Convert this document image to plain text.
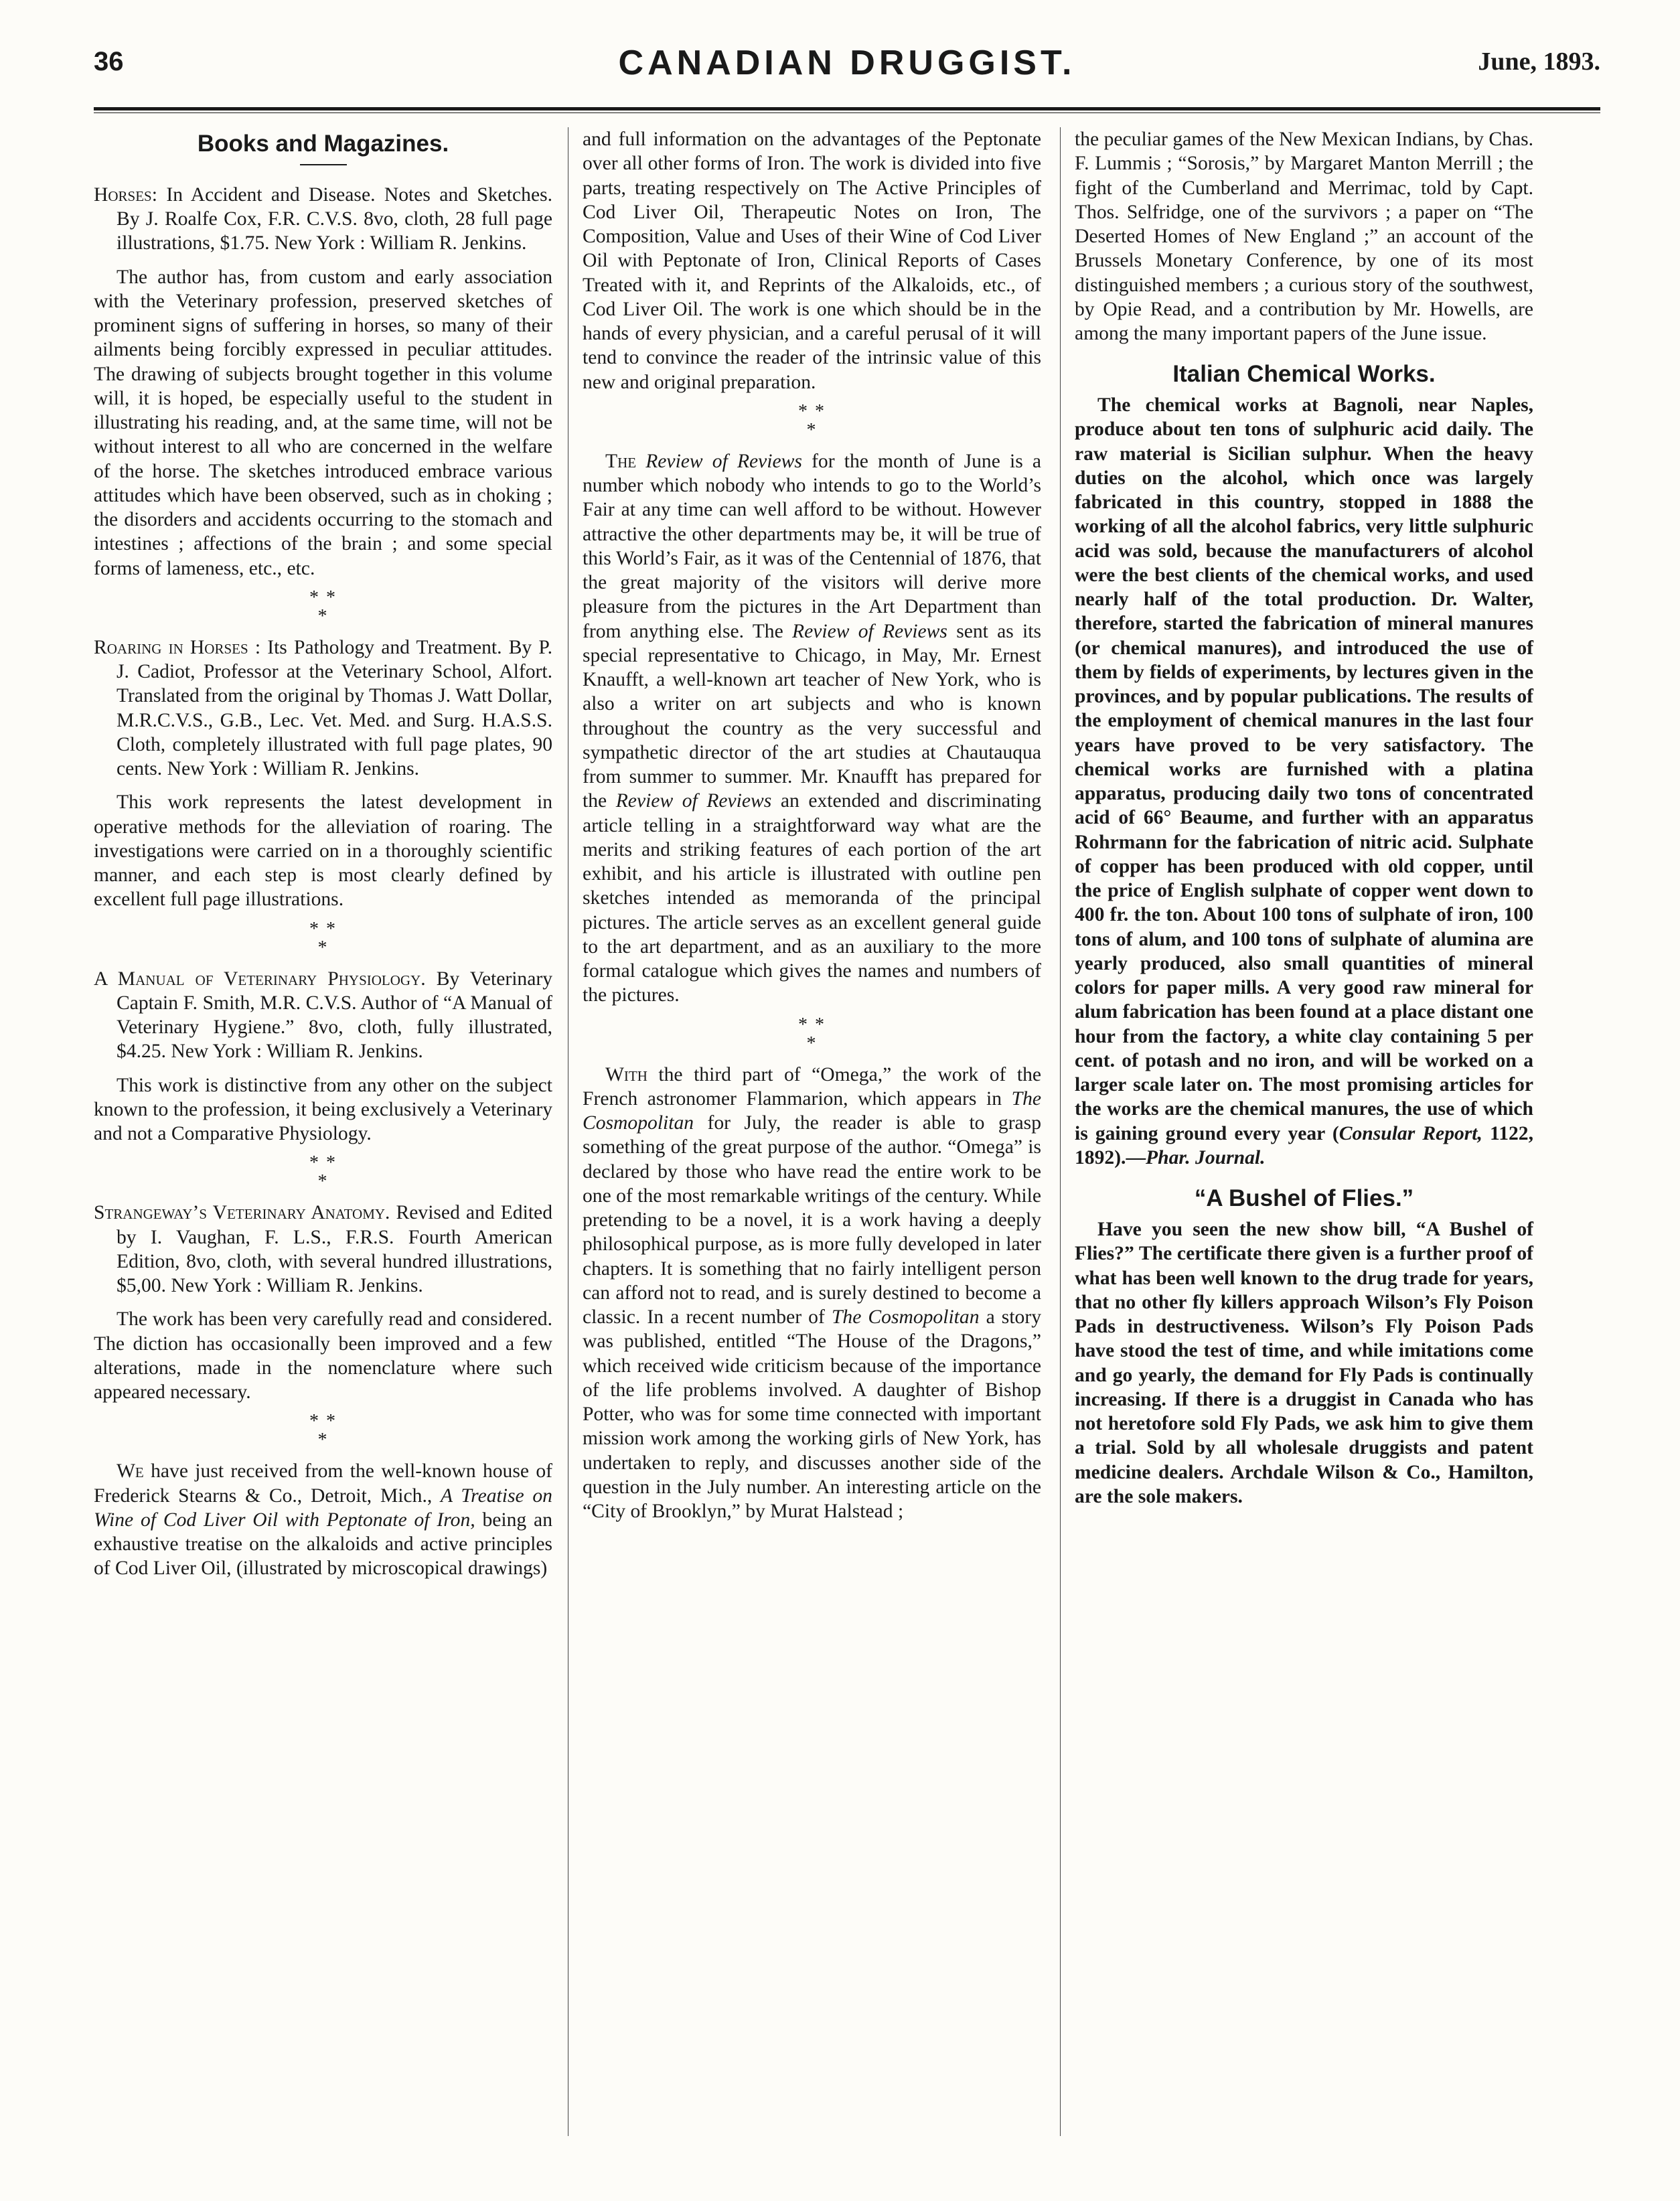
36	CANADIAN DRUGGIST.	June, 1893.
Books and Magazines.
Horses: In Accident and Disease. Notes and Sketches. By J. Roalfe Cox, F.R. C.V.S. 8vo, cloth, 28 full page illustrations, $1.75. New York : William R. Jenkins.

The author has, from custom and early association with the Veterinary profession, preserved sketches of prominent signs of suffering in horses, so many of their ailments being forcibly expressed in peculiar attitudes. The drawing of subjects brought together in this volume will, it is hoped, be especially useful to the student in illustrating his reading, and, at the same time, will not be without interest to all who are concerned in the welfare of the horse. The sketches introduced embrace various attitudes which have been observed, such as in choking ; the disorders and accidents occurring to the stomach and intestines ; affections of the brain ; and some special forms of lameness, etc., etc.

* *
*
Roaring in Horses : Its Pathology and Treatment. By P. J. Cadiot, Professor at the Veterinary School, Alfort. Translated from the original by Thomas J. Watt Dollar, M.R.C.V.S., G.B., Lec. Vet. Med. and Surg. H.A.S.S. Cloth, completely illustrated with full page plates, 90 cents. New York : William R. Jenkins.

This work represents the latest development in operative methods for the alleviation of roaring. The investigations were carried on in a thoroughly scientific manner, and each step is most clearly defined by excellent full page illustrations.

* *
*
A Manual of Veterinary Physiology. By Veterinary Captain F. Smith, M.R. C.V.S. Author of “A Manual of Veterinary Hygiene.” 8vo, cloth, fully illustrated, $4.25. New York : William R. Jenkins.

This work is distinctive from any other on the subject known to the profession, it being exclusively a Veterinary and not a Comparative Physiology.

* *
*
Strangeway’s Veterinary Anatomy. Revised and Edited by I. Vaughan, F. L.S., F.R.S. Fourth American Edition, 8vo, cloth, with several hundred illustrations, $5,00. New York : William R. Jenkins.

The work has been very carefully read and considered. The diction has occasionally been improved and a few alterations, made in the nomenclature where such appeared necessary.

* *
*

We have just received from the well-known house of Frederick Stearns & Co., Detroit, Mich., A Treatise on Wine of Cod Liver Oil with Peptonate of Iron, being an exhaustive treatise on the alkaloids and active principles of Cod Liver Oil, (illustrated by microscopical drawings)

and full information on the advantages of the Peptonate over all other forms of Iron. The work is divided into five parts, treating respectively on The Active Principles of Cod Liver Oil, Therapeutic Notes on Iron, The Composition, Value and Uses of their Wine of Cod Liver Oil with Peptonate of Iron, Clinical Reports of Cases Treated with it, and Reprints of the Alkaloids, etc., of Cod Liver Oil. The work is one which should be in the hands of every physician, and a careful perusal of it will tend to convince the reader of the intrinsic value of this new and original preparation.

* *
*

The Review of Reviews for the month of June is a number which nobody who intends to go to the World’s Fair at any time can well afford to be without. However attractive the other departments may be, it will be true of this World’s Fair, as it was of the Centennial of 1876, that the great majority of the visitors will derive more pleasure from the pictures in the Art Department than from anything else. The Review of Reviews sent as its special representative to Chicago, in May, Mr. Ernest Knaufft, a well-known art teacher of New York, who is also a writer on art subjects and who is known throughout the country as the very successful and sympathetic director of the art studies at Chautauqua from summer to summer. Mr. Knaufft has prepared for the Review of Reviews an extended and discriminating article telling in a straightforward way what are the merits and striking features of each portion of the art exhibit, and his article is illustrated with outline pen sketches intended as memoranda of the principal pictures. The article serves as an excellent general guide to the art department, and as an auxiliary to the more formal catalogue which gives the names and numbers of the pictures.

* *
*

With the third part of “Omega,” the work of the French astronomer Flammarion, which appears in The Cosmopolitan for July, the reader is able to grasp something of the great purpose of the author. “Omega” is declared by those who have read the entire work to be one of the most remarkable writings of the century. While pretending to be a novel, it is a work having a deeply philosophical purpose, as is more fully developed in later chapters. It is something that no fairly intelligent person can afford not to read, and is surely destined to become a classic. In a recent number of The Cosmopolitan a story was published, entitled “The House of the Dragons,” which received wide criticism because of the importance of the life problems involved. A daughter of Bishop Potter, who was for some time connected with important mission work among the working girls of New York, has undertaken to reply, and discusses another side of the question in the July number. An interesting article on the “City of Brooklyn,” by Murat Halstead ;

the peculiar games of the New Mexican Indians, by Chas. F. Lummis ; “Sorosis,” by Margaret Manton Merrill ; the fight of the Cumberland and Merrimac, told by Capt. Thos. Selfridge, one of the survivors ; a paper on “The Deserted Homes of New England ;” an account of the Brussels Monetary Conference, by one of its most distinguished members ; a curious story of the southwest, by Opie Read, and a contribution by Mr. Howells, are among the many important papers of the June issue.

Italian Chemical Works.

The chemical works at Bagnoli, near Naples, produce about ten tons of sulphuric acid daily. The raw material is Sicilian sulphur. When the heavy duties on the alcohol, which once was largely fabricated in this country, stopped in 1888 the working of all the alcohol fabrics, very little sulphuric acid was sold, because the manufacturers of alcohol were the best clients of the chemical works, and used nearly half of the total production. Dr. Walter, therefore, started the fabrication of mineral manures (or chemical manures), and introduced the use of them by fields of experiments, by lectures given in the provinces, and by popular publications. The results of the employment of chemical manures in the last four years have proved to be very satisfactory. The chemical works are furnished with a platina apparatus, producing daily two tons of concentrated acid of 66° Beaume, and further with an apparatus Rohrmann for the fabrication of nitric acid. Sulphate of copper has been produced with old copper, until the price of English sulphate of copper went down to 400 fr. the ton. About 100 tons of sulphate of iron, 100 tons of alum, and 100 tons of sulphate of alumina are yearly produced, also small quantities of mineral colors for paper mills. A very good raw mineral for alum fabrication has been found at a place distant one hour from the factory, a white clay containing 5 per cent. of potash and no iron, and will be worked on a larger scale later on. The most promising articles for the works are the chemical manures, the use of which is gaining ground every year (Consular Report, 1122, 1892).—Phar. Journal.

“A Bushel of Flies.”

Have you seen the new show bill, “A Bushel of Flies?” The certificate there given is a further proof of what has been well known to the drug trade for years, that no other fly killers approach Wilson’s Fly Poison Pads in destructiveness. Wilson’s Fly Poison Pads have stood the test of time, and while imitations come and go yearly, the demand for Fly Pads is continually increasing. If there is a druggist in Canada who has not heretofore sold Fly Pads, we ask him to give them a trial. Sold by all wholesale druggists and patent medicine dealers. Archdale Wilson & Co., Hamilton, are the sole makers.
